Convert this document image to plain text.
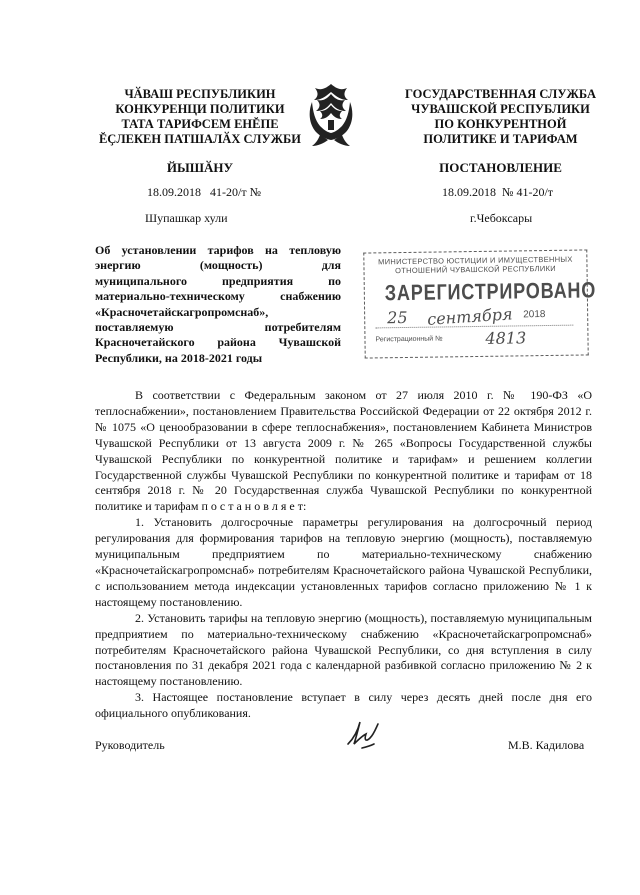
ЧӐВАШ РЕСПУБЛИКИН
КОНКУРЕНЦИ ПОЛИТИКИ
ТАТА ТАРИФСЕМ ЕНĔПЕ
ĔҪЛЕКЕН ПАТШАЛӐХ СЛУЖБИ
ЙЫШӐНУ
18.09.2018 41-20/т №
Шупашкар хули
ГОСУДАРСТВЕННАЯ СЛУЖБА
ЧУВАШСКОЙ РЕСПУБЛИКИ
ПО КОНКУРЕНТНОЙ
ПОЛИТИКЕ И ТАРИФАМ
ПОСТАНОВЛЕНИЕ
18.09.2018 № 41-20/т
г.Чебоксары
Об установлении тарифов на тепловую
энергию (мощность) для
муниципального предприятия по
материально-техническому снабжению
«Красночетайскагропромснаб»,
поставляемую потребителям
Красночетайского района Чувашской
Республики, на 2018-2021 годы
МИНИСТЕРСТВО ЮСТИЦИИ И ИМУЩЕСТВЕННЫХ
ОТНОШЕНИЙ ЧУВАШСКОЙ РЕСПУБЛИКИ
ЗАРЕГИСТРИРОВАНО
25 сентября 2018
Регистрационный №	4813

В соответствии с Федеральным законом от 27 июля 2010 г. № 190-ФЗ «О теплоснабжении», постановлением Правительства Российской Федерации от 22 октября 2012 г. № 1075 «О ценообразовании в сфере теплоснабжения», постановлением Кабинета Министров Чувашской Республики от 13 августа 2009 г. № 265 «Вопросы Государственной службы Чувашской Республики по конкурентной политике и тарифам» и решением коллегии Государственной службы Чувашской Республики по конкурентной политике и тарифам от 18 сентября 2018 г. № 20 Государственная служба Чувашской Республики по конкурентной политике и тарифам п о с т а н о в л я е т:

1. Установить долгосрочные параметры регулирования на долгосрочный период регулирования для формирования тарифов на тепловую энергию (мощность), поставляемую муниципальным предприятием по материально-техническому снабжению «Красночетайскагропромснаб» потребителям Красночетайского района Чувашской Республики, с использованием метода индексации установленных тарифов согласно приложению № 1 к настоящему постановлению.

2. Установить тарифы на тепловую энергию (мощность), поставляемую муниципальным предприятием по материально-техническому снабжению «Красночетайскагропромснаб» потребителям Красночетайского района Чувашской Республики, со дня вступления в силу постановления по 31 декабря 2021 года с календарной разбивкой согласно приложению № 2 к настоящему постановлению.

3. Настоящее постановление вступает в силу через десять дней после дня его официального опубликования.

Руководитель	М.В. Кадилова
